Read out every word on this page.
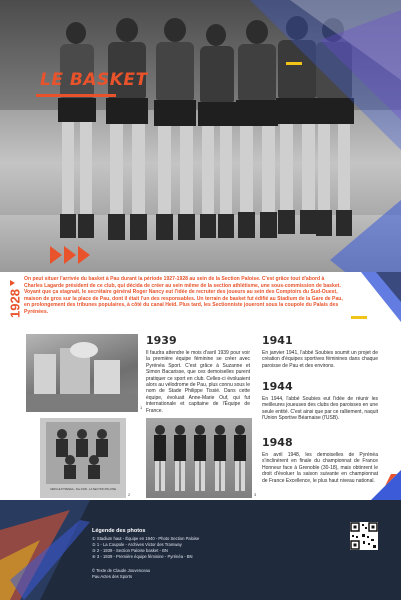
LE BASKET
1928
On peut situer l'arrivée du basket à Pau durant la période 1927-1928 au sein de la Section Paloise. C'est grâce tout d'abord à Charles Lagarde président de ce club, qui décida de créer au sein même de la section athlétisme, une sous-commission de basket. Voyant que ça stagnait, le secrétaire général Roger Nancy eut l'idée de recruter des joueurs au sein des Comptoirs du Sud-Ouest, maison de gros sur la place de Pau, dont il était l'un des responsables. Un terrain de basket fut édifié au Stadium de la Gare de Pau, en prolongement des tribunes populaires, à côté du canal Heïd. Plus tard, les Sectionniste joueront sous la coupole du Palais des Pyrénées.
1
CERCLE.PYRENEA - Pau 1939 - LA SECTION PALOISE
2
1939
Il faudra attendre le mois d'avril 1939 pour voir la première équipe féminine se créer avec Pyrénéa Sport. C'est grâce à Suzanne et Simon Bacarisse, que ces demoiselles purent pratiquer ce sport en club. Celles-ci évoluaient alors au vélodrome de Pau, plus connu sous le nom de Stade Philippe Tissié. Dans cette équipe, évoluait Anne-Marie Ouf, qui fut internationale et capitaine de l'Équipe de France.
3
1941
En janvier 1941, l'abbé Soubies soumit un projet de création d'équipes sportives féminines dans chaque paroisse de Pau et des environs.
1944
En 1944, l'abbé Soubies eut l'idée de réunir les meilleures joueuses des clubs des paroisses en une seule entité. C'est ainsi que par ce ralliement, naquit l'Union Sportive Béarnaise (l'USB).
1948
En avril 1948, les demoiselles de Pyrénéa s'inclinèrent en finale du championnat de France Honneur face à Grenoble (30-18), mais obtinrent le droit d'évoluer la saison suivante en championnat de France Excellence, le plus haut niveau national.
Légende des photos
① Stadium haut - Équipe en 1940 - Photo Section Paloise
② 1 - La Coupole - Archives Victor des Tramway
③ 2 - 1939 - Section Paloise basket - BN
④ 3 - 1939 - Première équipe féminine - Pyrénéa - BN
© Texte de Claude Jouvenceau
Pau Actes des Sports
